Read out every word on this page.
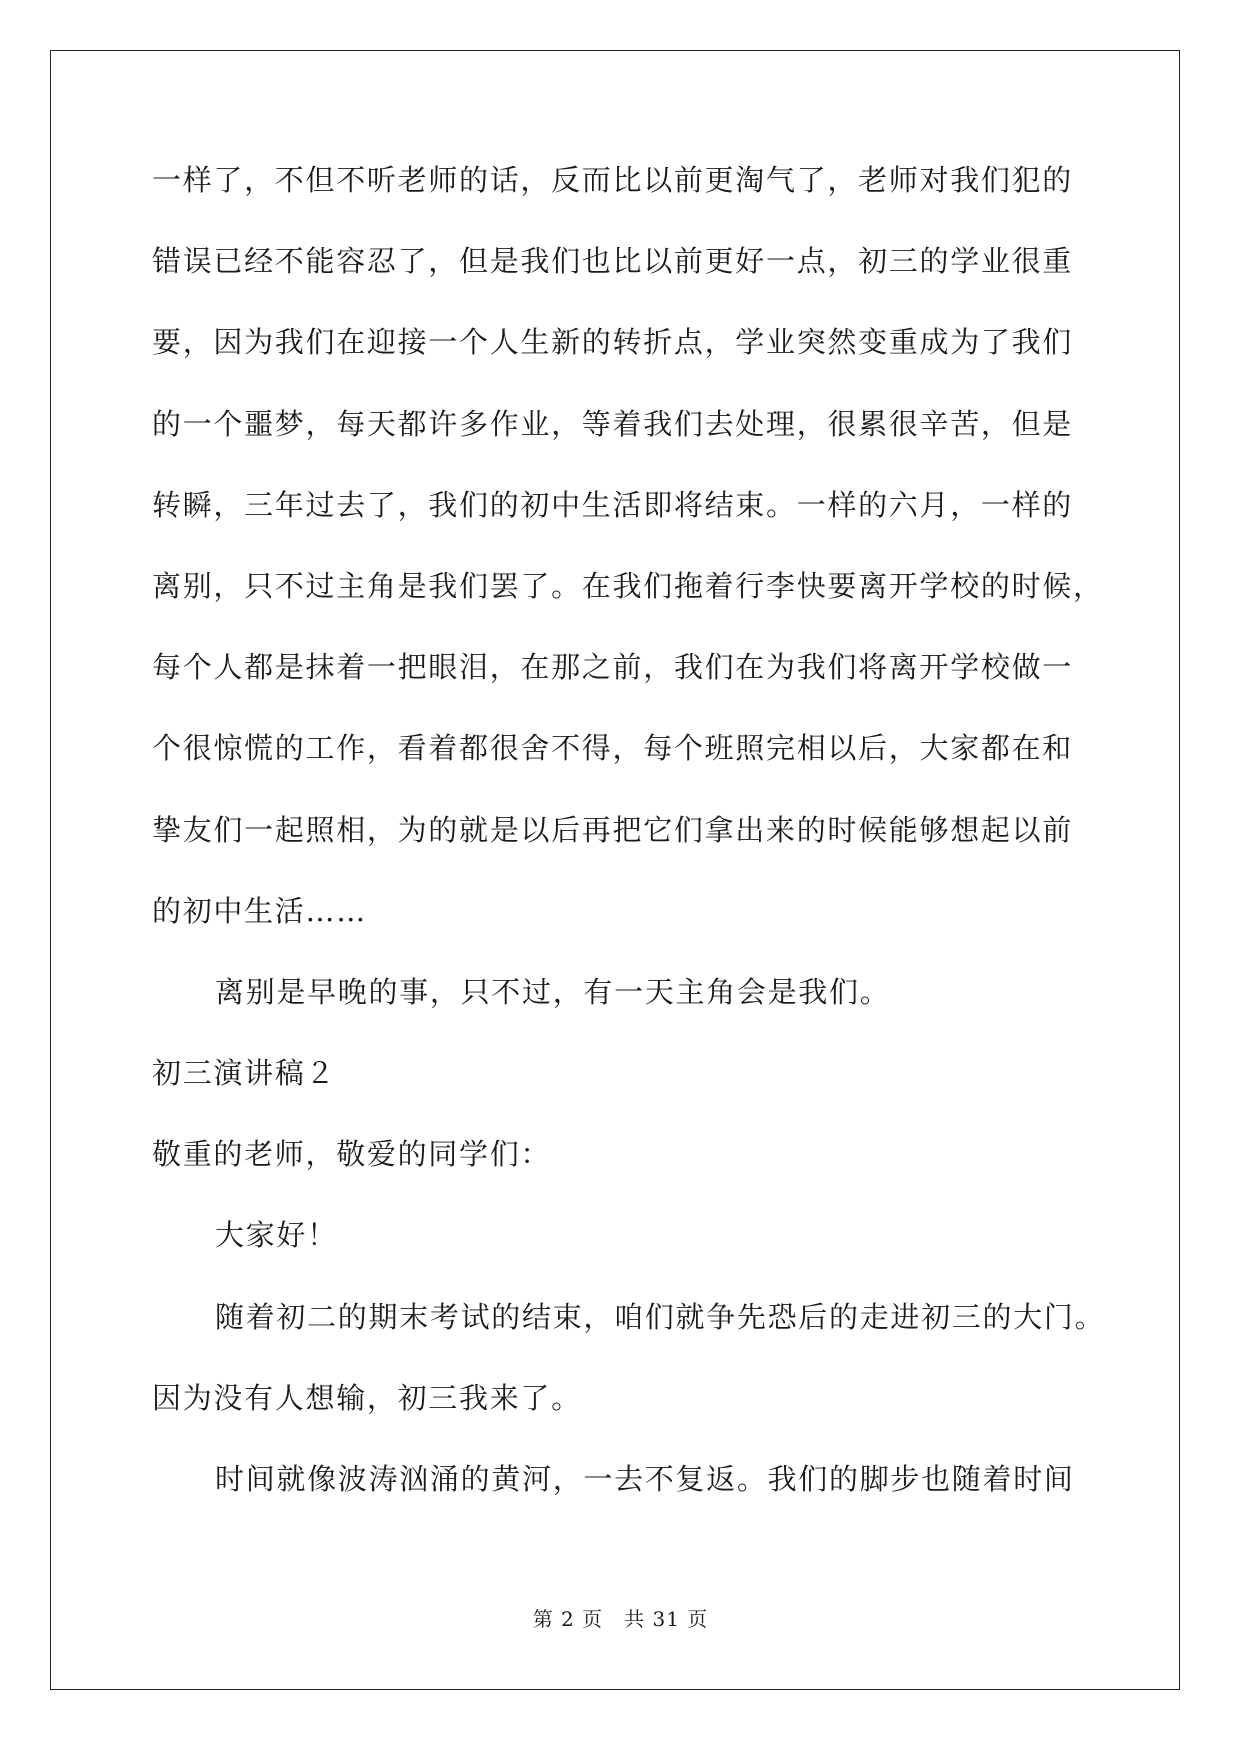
一样了，不但不听老师的话，反而比以前更淘气了，老师对我们犯的
错误已经不能容忍了，但是我们也比以前更好一点，初三的学业很重
要，因为我们在迎接一个人生新的转折点，学业突然变重成为了我们
的一个噩梦，每天都许多作业，等着我们去处理，很累很辛苦，但是
转瞬，三年过去了，我们的初中生活即将结束。一样的六月，一样的
离别，只不过主角是我们罢了。在我们拖着行李快要离开学校的时候，
每个人都是抹着一把眼泪，在那之前，我们在为我们将离开学校做一
个很惊慌的工作，看着都很舍不得，每个班照完相以后，大家都在和
挚友们一起照相，为的就是以后再把它们拿出来的时候能够想起以前
的初中生活……
离别是早晚的事，只不过，有一天主角会是我们。
初三演讲稿２
敬重的老师，敬爱的同学们：
大家好！
随着初二的期末考试的结束，咱们就争先恐后的走进初三的大门。
因为没有人想输，初三我来了。
时间就像波涛汹涌的黄河，一去不复返。我们的脚步也随着时间
第 2 页　共 31 页
